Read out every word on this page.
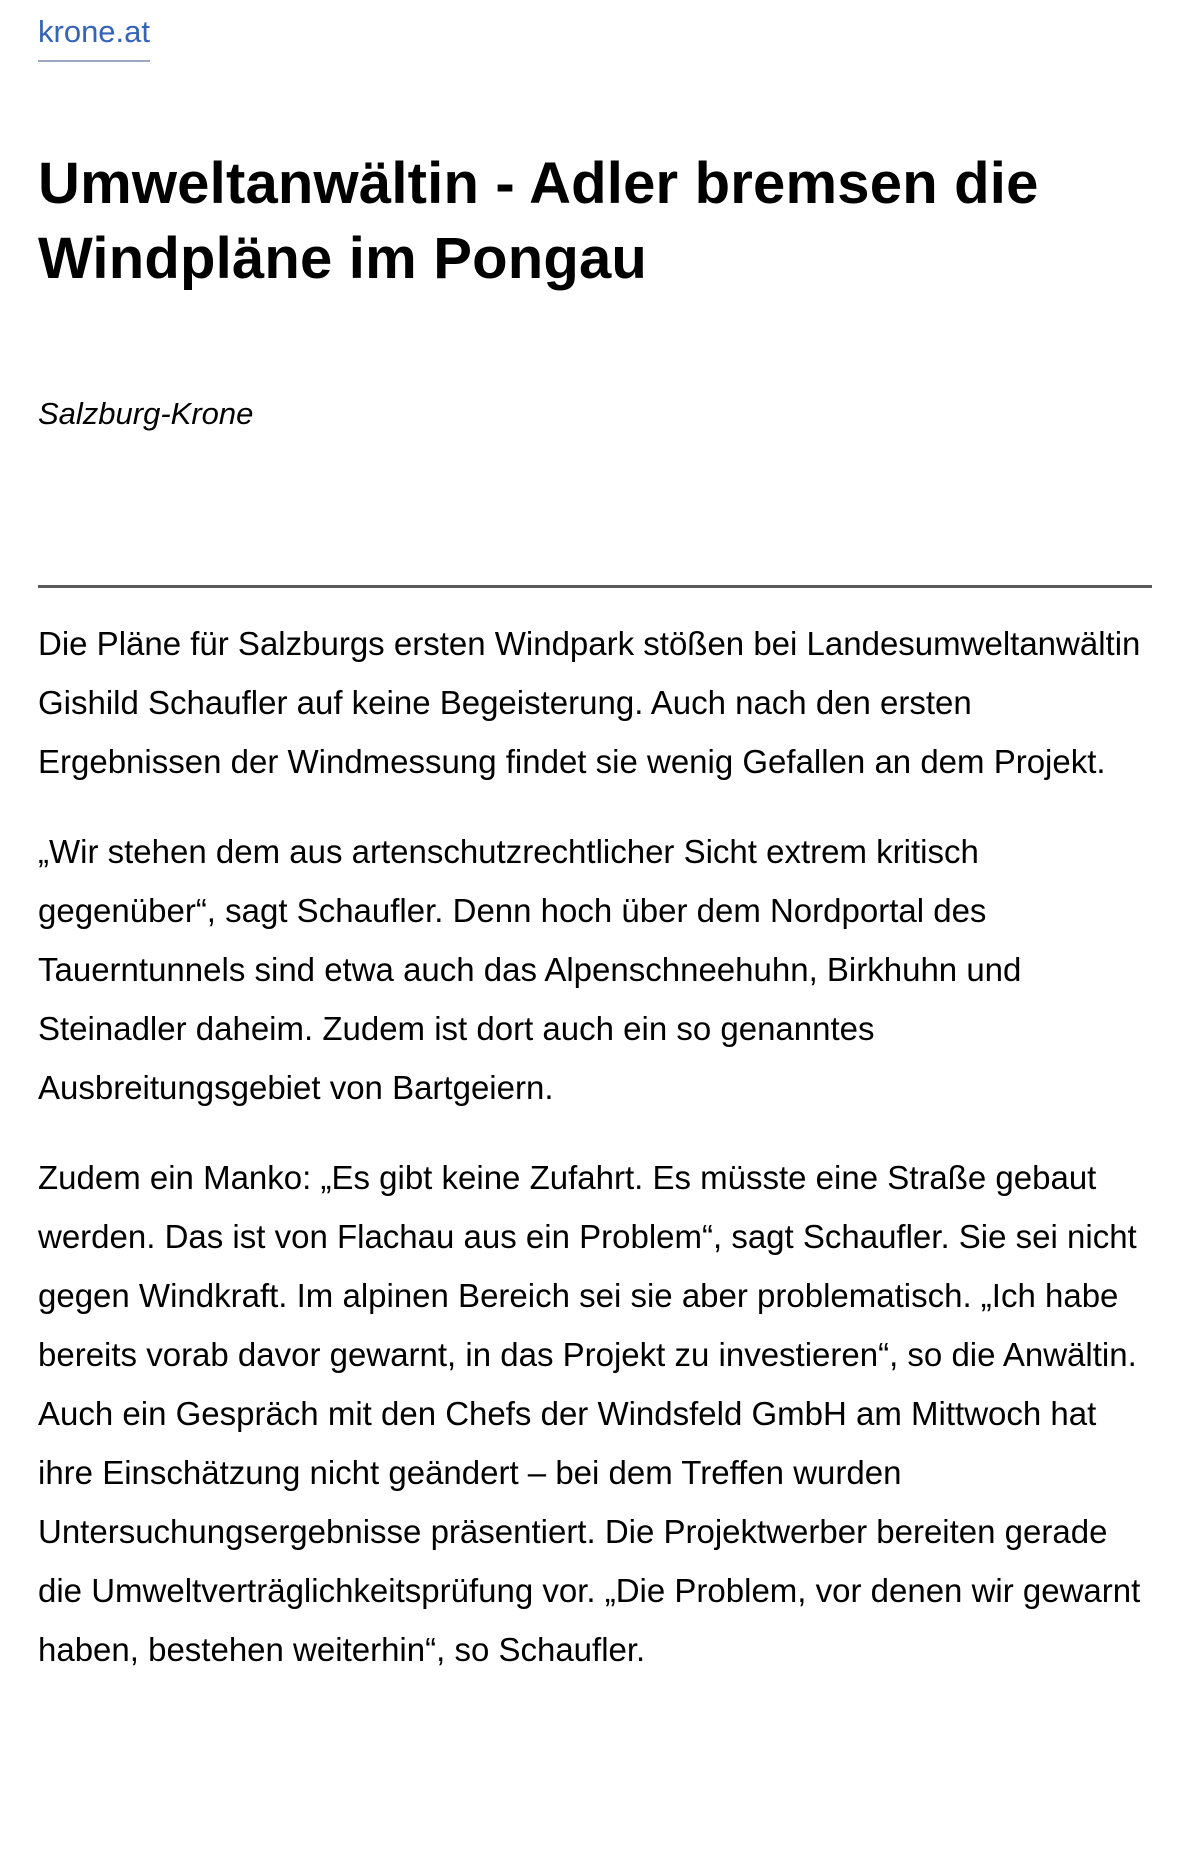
krone.at
Umweltanwältin - Adler bremsen die Windpläne im Pongau
Salzburg-Krone

Die Pläne für Salzburgs ersten Windpark stößen bei Landesumweltanwältin Gishild Schaufler auf keine Begeisterung. Auch nach den ersten Ergebnissen der Windmessung findet sie wenig Gefallen an dem Projekt.

„Wir stehen dem aus artenschutzrechtlicher Sicht extrem kritisch gegenüber“, sagt Schaufler. Denn hoch über dem Nordportal des Tauerntunnels sind etwa auch das Alpenschneehuhn, Birkhuhn und Steinadler daheim. Zudem ist dort auch ein so genanntes Ausbreitungsgebiet von Bartgeiern.

Zudem ein Manko: „Es gibt keine Zufahrt. Es müsste eine Straße gebaut werden. Das ist von Flachau aus ein Problem“, sagt Schaufler. Sie sei nicht gegen Windkraft. Im alpinen Bereich sei sie aber problematisch. „Ich habe bereits vorab davor gewarnt, in das Projekt zu investieren“, so die Anwältin. Auch ein Gespräch mit den Chefs der Windsfeld GmbH am Mittwoch hat ihre Einschätzung nicht geändert – bei dem Treffen wurden Untersuchungsergebnisse präsentiert. Die Projektwerber bereiten gerade die Umweltverträglichkeitsprüfung vor. „Die Problem, vor denen wir gewarnt haben, bestehen weiterhin“, so Schaufler.
